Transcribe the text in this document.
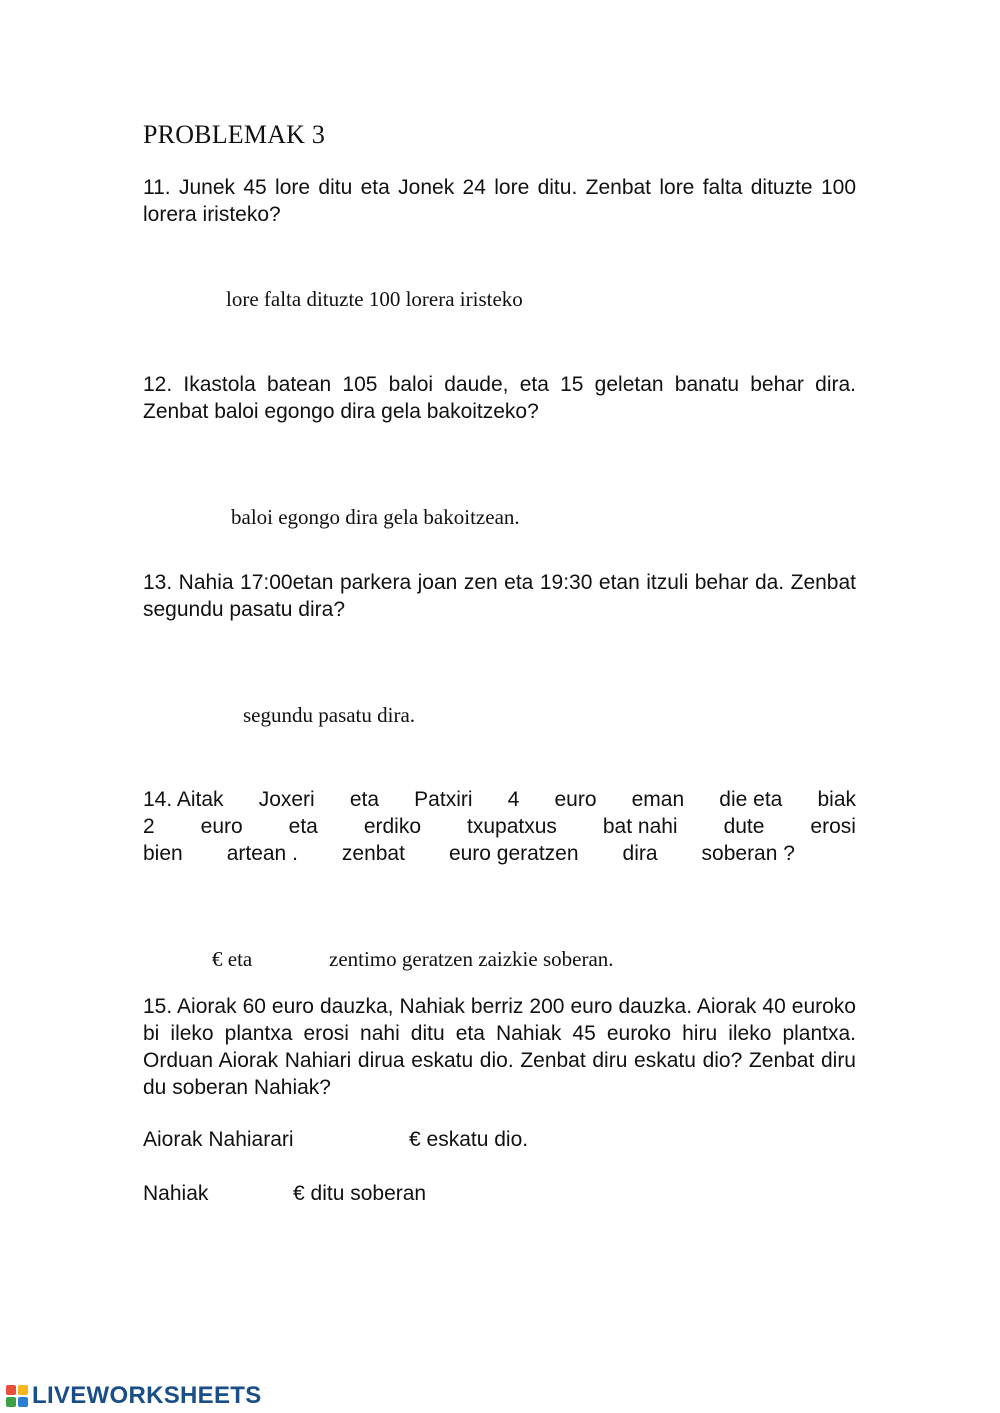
PROBLEMAK 3
11. Junek 45 lore ditu eta Jonek 24 lore ditu. Zenbat lore falta dituzte 100 lorera iristeko?
lore falta dituzte 100 lorera iristeko
12. Ikastola batean 105 baloi daude, eta 15 geletan banatu behar dira. Zenbat baloi egongo dira gela bakoitzeko?
baloi egongo dira gela bakoitzean.
13. Nahia 17:00etan parkera joan zen eta 19:30 etan itzuli behar da. Zenbat segundu pasatu dira?
segundu pasatu dira.
14. Aitak Joxeri eta Patxiri 4 euro eman die eta biak
2 euro eta erdiko txupatxus bat nahi dute erosi
bien artean . zenbat euro geratzen dira soberan ?
€ eta	zentimo geratzen zaizkie soberan.
15. Aiorak 60 euro dauzka, Nahiak berriz 200 euro dauzka. Aiorak 40 euroko bi ileko plantxa erosi nahi ditu eta Nahiak 45 euroko hiru ileko plantxa. Orduan Aiorak Nahiari dirua eskatu dio. Zenbat diru eskatu dio? Zenbat diru du soberan Nahiak?
Aiorak Nahiarari	€ eskatu dio.
Nahiak	€ ditu soberan
LIVEWORKSHEETS
